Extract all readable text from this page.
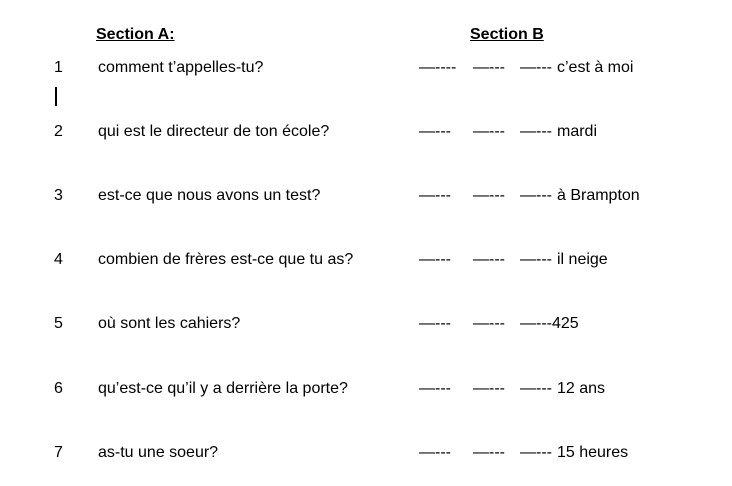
Section A:	Section B
1 comment t’appelles-tu?	—---- —--- —--- c’est à moi
2 qui est le directeur de ton école?	—--- —--- —--- mardi
3 est-ce que nous avons un test?	—--- —--- —--- à Brampton
4 combien de frères est-ce que tu as?	—--- —--- —--- il neige
5 où sont les cahiers?	—--- —--- —---425
6 qu’est-ce qu’il y a derrière la porte?	—--- —--- —--- 12 ans
7 as-tu une soeur?	—--- —--- —--- 15 heures
